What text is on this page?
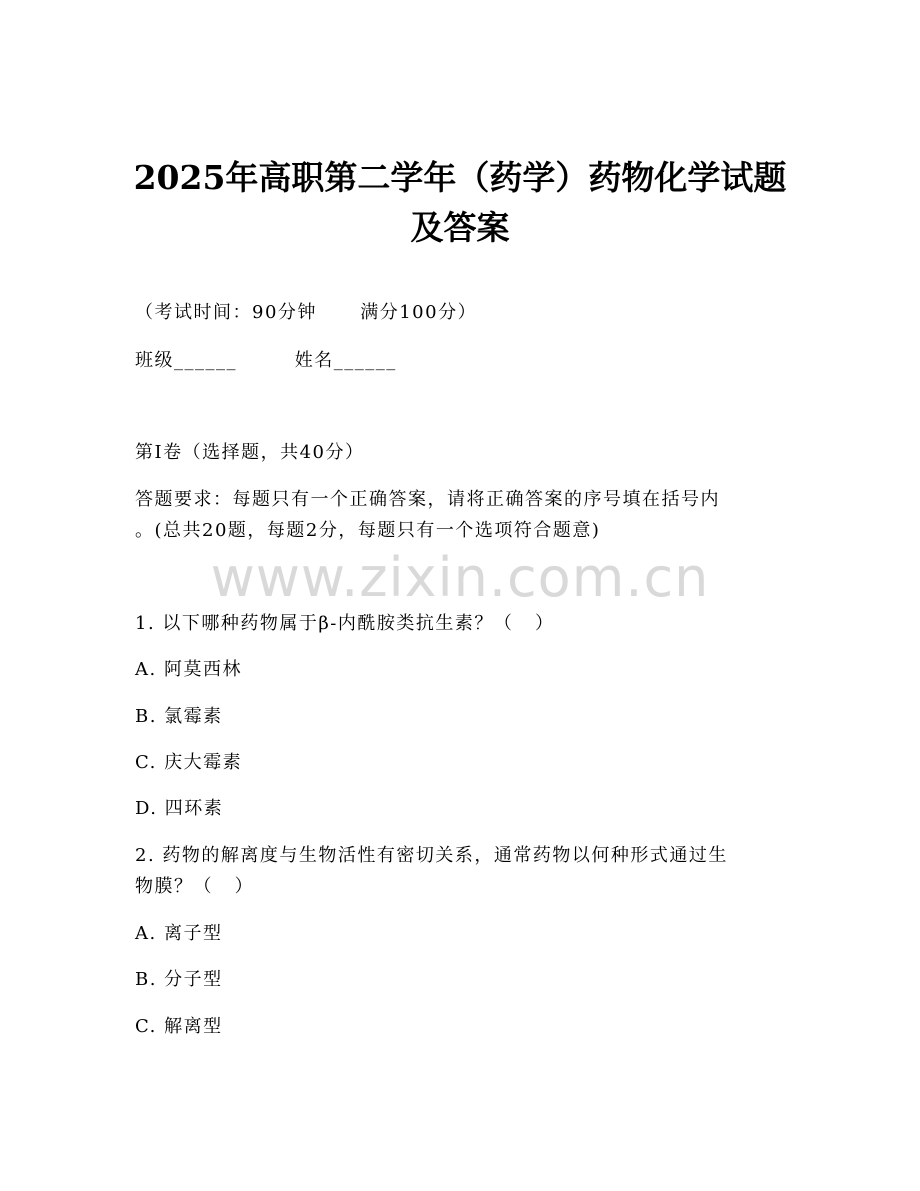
2025年高职第二学年（药学）药物化学试题
及答案
（考试时间：90分钟      满分100分）
班级______        姓名______
第I卷（选择题，共40分）
答题要求：每题只有一个正确答案，请将正确答案的序号填在括号内
。(总共20题，每题2分，每题只有一个选项符合题意)
www.zixin.com.cn
1. 以下哪种药物属于β-内酰胺类抗生素？（   ）
A. 阿莫西林
B. 氯霉素
C. 庆大霉素
D. 四环素
2. 药物的解离度与生物活性有密切关系，通常药物以何种形式通过生
物膜？（   ）
A. 离子型
B. 分子型
C. 解离型
